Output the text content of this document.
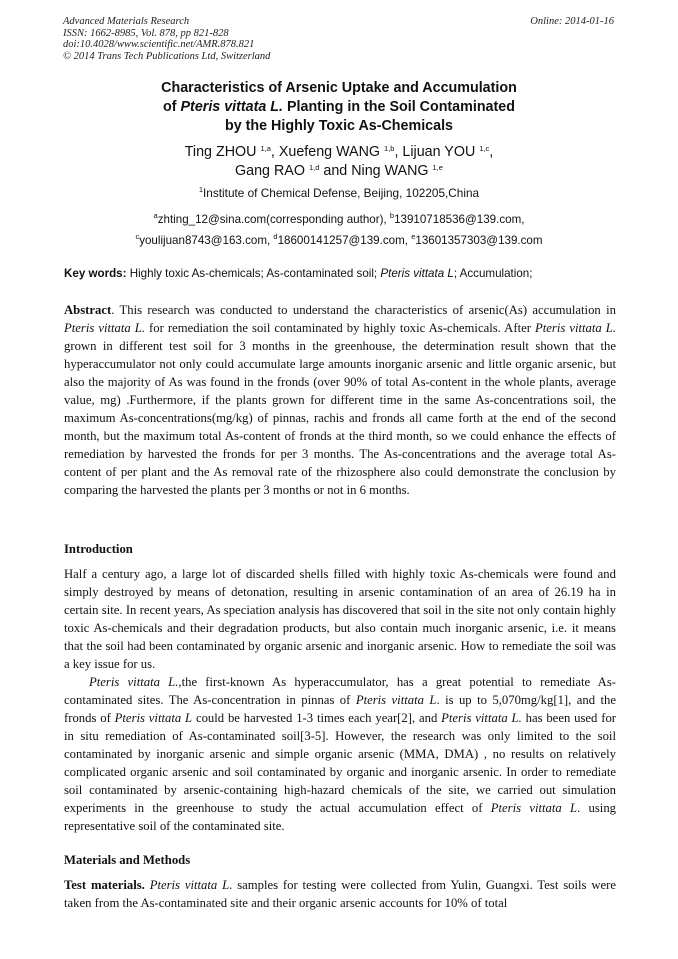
Advanced Materials Research
ISSN: 1662-8985, Vol. 878, pp 821-828
doi:10.4028/www.scientific.net/AMR.878.821
© 2014 Trans Tech Publications Ltd, Switzerland
Online: 2014-01-16
Characteristics of Arsenic Uptake and Accumulation
of Pteris vittata L. Planting in the Soil Contaminated
by the Highly Toxic As-Chemicals
Ting ZHOU $^{1,a}$, Xuefeng WANG $^{1,b}$, Lijuan YOU $^{1,c}$,
Gang RAO $^{1,d}$ and Ning WANG $^{1,e}$
$^1$Institute of Chemical Defense, Beijing, 102205,China
$^a$zhting_12@sina.com(corresponding author), $^b$13910718536@139.com,
$^c$youlijuan8743@163.com, $^d$18600141257@139.com, $^e$13601357303@139.com
Key words: Highly toxic As-chemicals; As-contaminated soil; Pteris vittata L; Accumulation;
Abstract. This research was conducted to understand the characteristics of arsenic(As) accumulation in Pteris vittata L. for remediation the soil contaminated by highly toxic As-chemicals. After Pteris vittata L. grown in different test soil for 3 months in the greenhouse, the determination result shown that the hyperaccumulator not only could accumulate large amounts inorganic arsenic and little organic arsenic, but also the majority of As was found in the fronds (over 90% of total As-content in the whole plants, average value, mg) .Furthermore, if the plants grown for different time in the same As-concentrations soil, the maximum As-concentrations(mg/kg) of pinnas, rachis and fronds all came forth at the end of the second month, but the maximum total As-content of fronds at the third month, so we could enhance the effects of remediation by harvested the fronds for per 3 months. The As-concentrations and the average total As-content of per plant and the As removal rate of the rhizosphere also could demonstrate the conclusion by comparing the harvested the plants per 3 months or not in 6 months.
Introduction
Half a century ago, a large lot of discarded shells filled with highly toxic As-chemicals were found and simply destroyed by means of detonation, resulting in arsenic contamination of an area of 26.19 ha in certain site. In recent years, As speciation analysis has discovered that soil in the site not only contain highly toxic As-chemicals and their degradation products, but also contain much inorganic arsenic, i.e. it means that the soil had been contaminated by organic arsenic and inorganic arsenic. How to remediate the soil was a key issue for us.
Pteris vittata L.,the first-known As hyperaccumulator, has a great potential to remediate As-contaminated sites. The As-concentration in pinnas of Pteris vittata L. is up to 5,070mg/kg[1], and the fronds of Pteris vittata L could be harvested 1-3 times each year[2], and Pteris vittata L. has been used for in situ remediation of As-contaminated soil[3-5]. However, the research was only limited to the soil contaminated by inorganic arsenic and simple organic arsenic (MMA, DMA) , no results on relatively complicated organic arsenic and soil contaminated by organic and inorganic arsenic. In order to remediate soil contaminated by arsenic-containing high-hazard chemicals of the site, we carried out simulation experiments in the greenhouse to study the actual accumulation effect of Pteris vittata L. using representative soil of the contaminated site.
Materials and Methods
Test materials. Pteris vittata L. samples for testing were collected from Yulin, Guangxi. Test soils were taken from the As-contaminated site and their organic arsenic accounts for 10% of total
